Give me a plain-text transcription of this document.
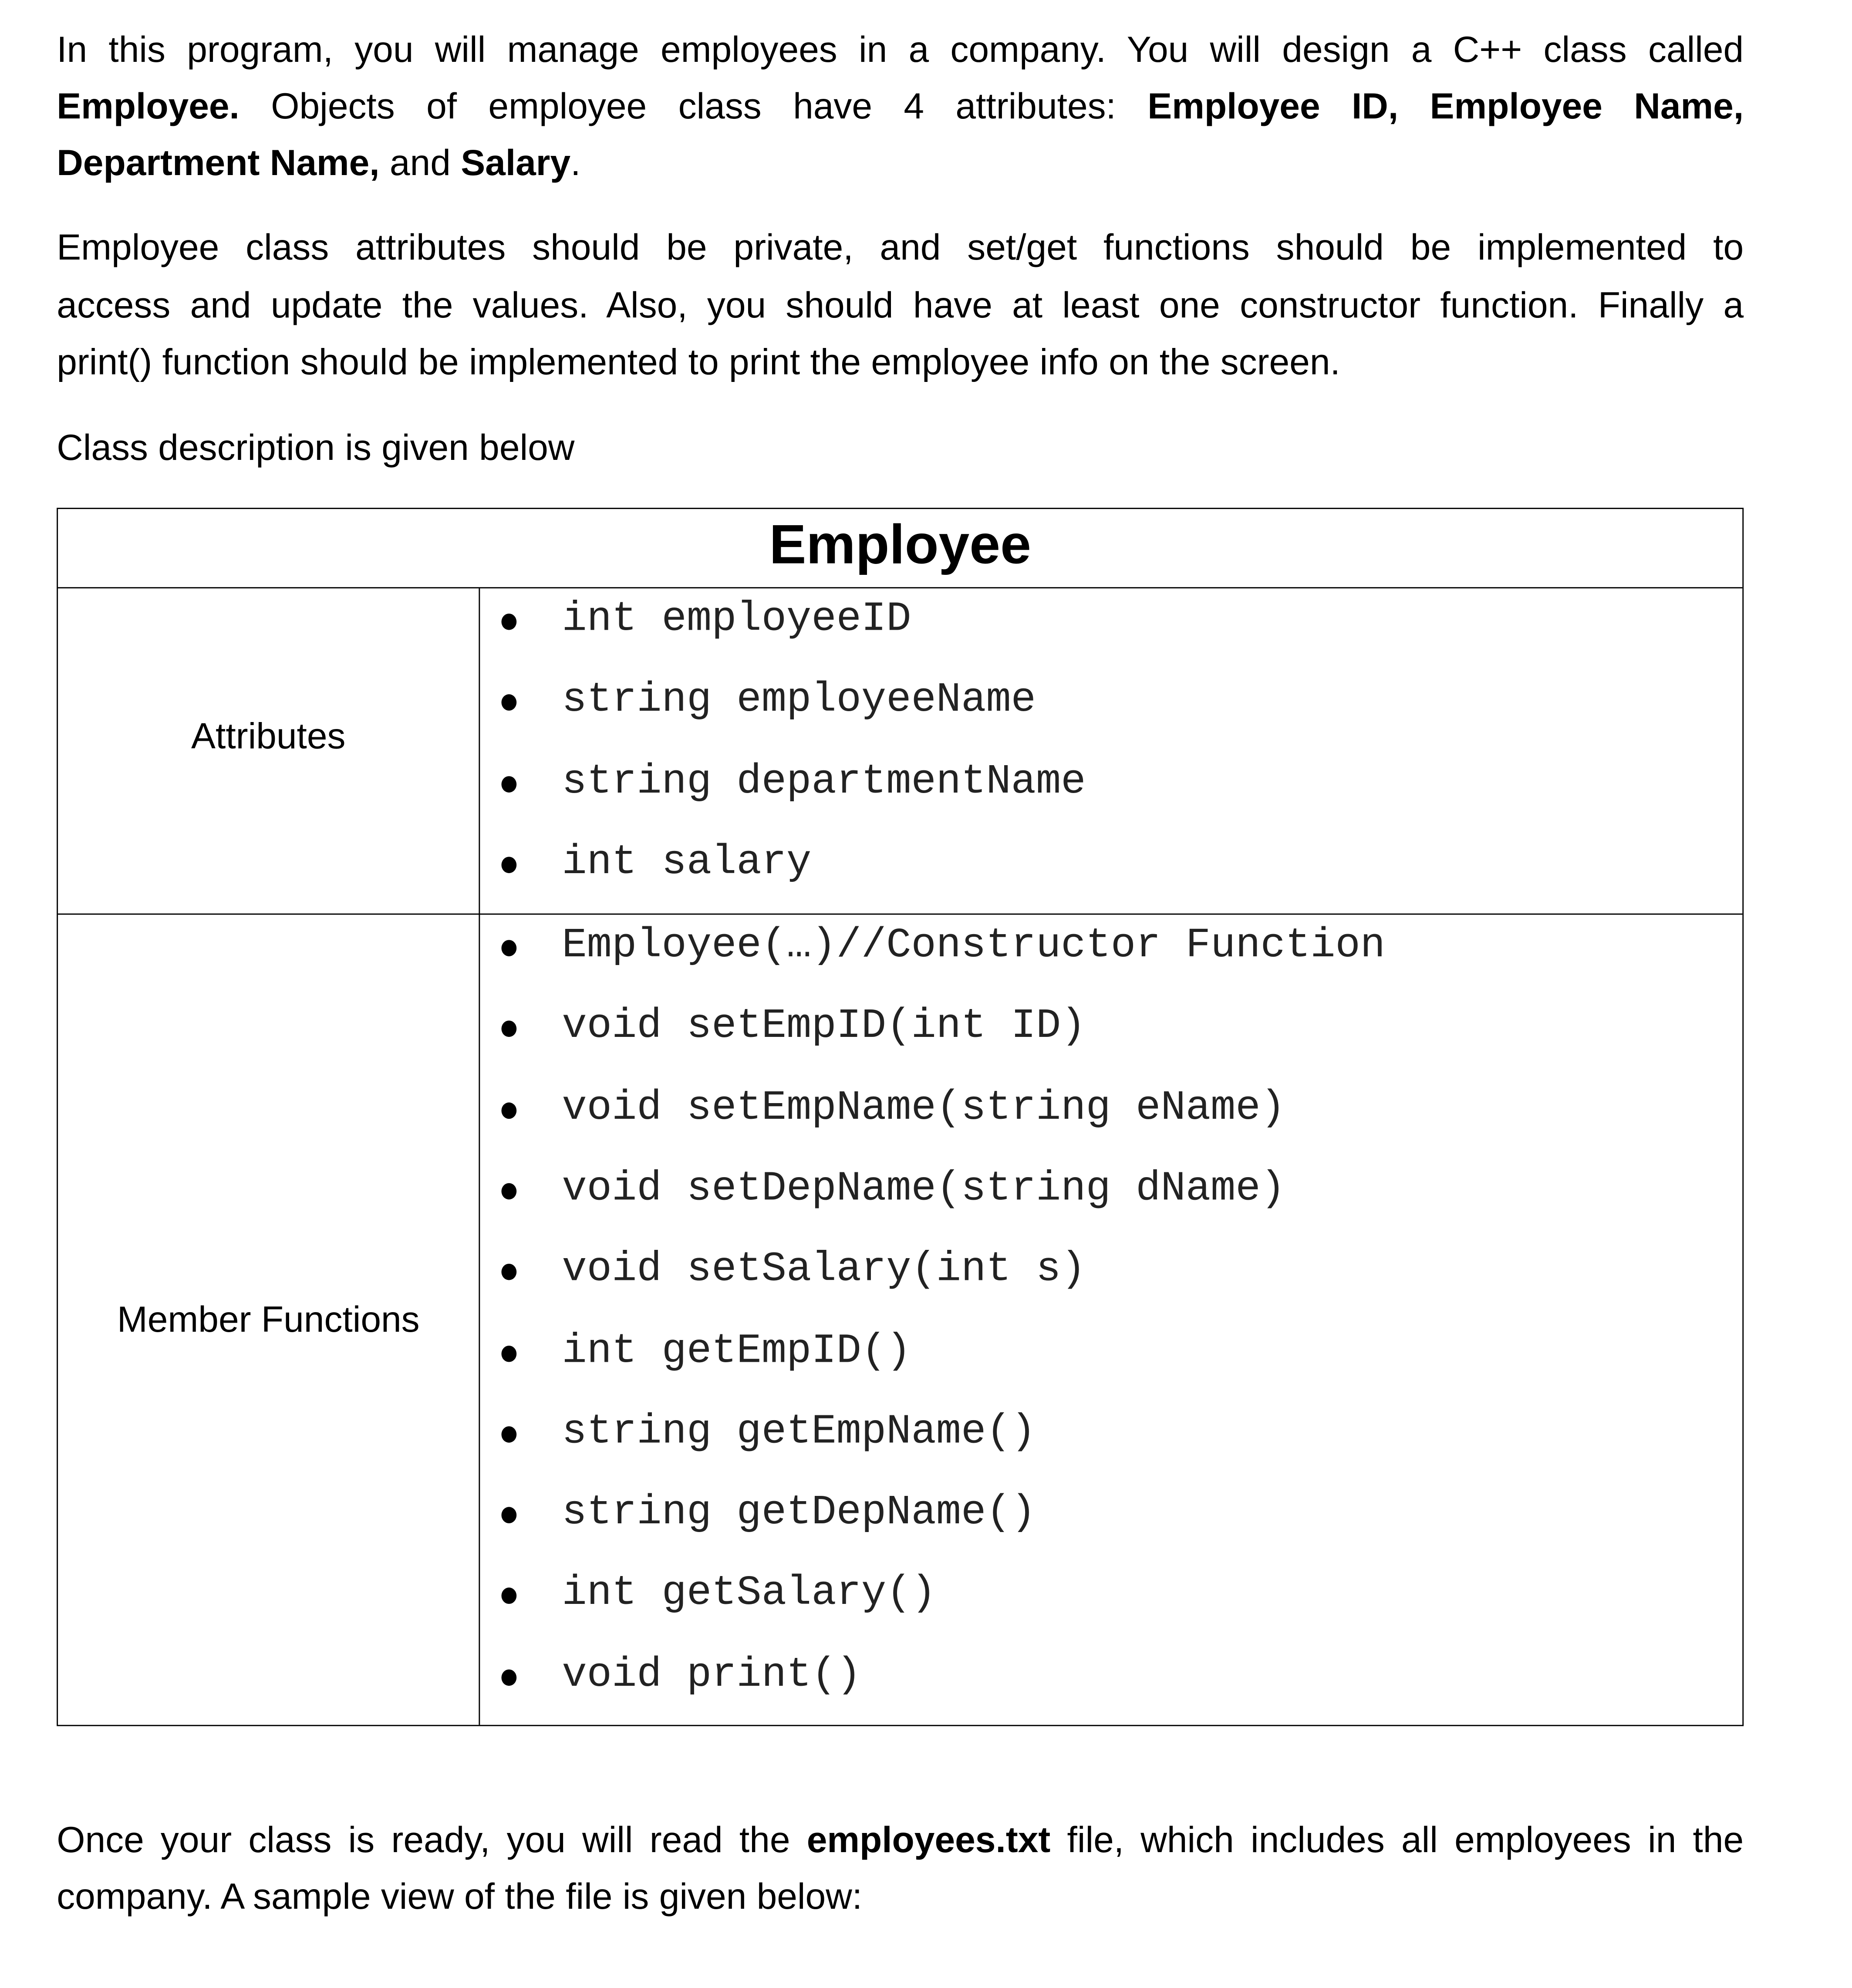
In this program, you will manage employees in a company. You will design a C++ class called
Employee. Objects of employee class have 4 attributes: Employee ID, Employee Name,
Department Name, and Salary.
Employee class attributes should be private, and set/get functions should be implemented to
access and update the values. Also, you should have at least one constructor function. Finally a
print() function should be implemented to print the employee info on the screen.
Class description is given below
Employee
Attributes
Member Functions
int employeeID
string employeeName
string departmentName
int salary
Employee(…)//Constructor Function
void setEmpID(int ID)
void setEmpName(string eName)
void setDepName(string dName)
void setSalary(int s)
int getEmpID()
string getEmpName()
string getDepName()
int getSalary()
void print()
Once your class is ready, you will read the employees.txt file, which includes all employees in the
company. A sample view of the file is given below:
